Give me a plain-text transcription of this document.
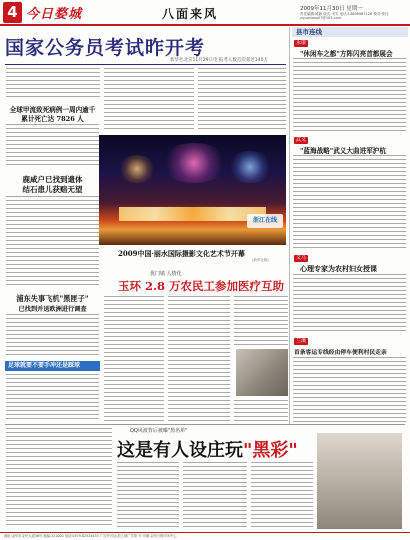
4
版
今日婺城	八面来风	2009年11月30日 星期一
责任编辑:姚静 版式:韦安 电话:13806987128 校对:张佳 ziyuanbao07@163.com
国家公务员考试昨开考
新华社北京11月29日电 报考人数首次超过140万
全球甲流致死病例一周内逾千
累计死亡达 7826 人
鹿咸户已找到遗体
结石患儿获赔无望
浦东失事飞机"黑匣子"
已找到并送欧洲进行调查
足球就要不要手冲还是踩球
浙江在线
2009中国·丽水国际摄影文化艺术节开幕
(新华社稿)
优门镇 人情化
玉环 2.8 万农民工参加医疗互助
县市连线
永康
"休闲车之都"方阵闪亮首都展会
武义
"蓝海战略"武义大曲进军沪杭
义乌
心理专家为农村妇女授课
兰溪
首条客运专线经由停车便利村民走亲
QQ风波背后被曝"黑名单"
这是有人设庄玩"黑彩"
地址:金华市金华大道36号 邮编:321000 电话:0579-82324433 广告许可证:浙工商广字第 号 印刷:金华日报印务中心
